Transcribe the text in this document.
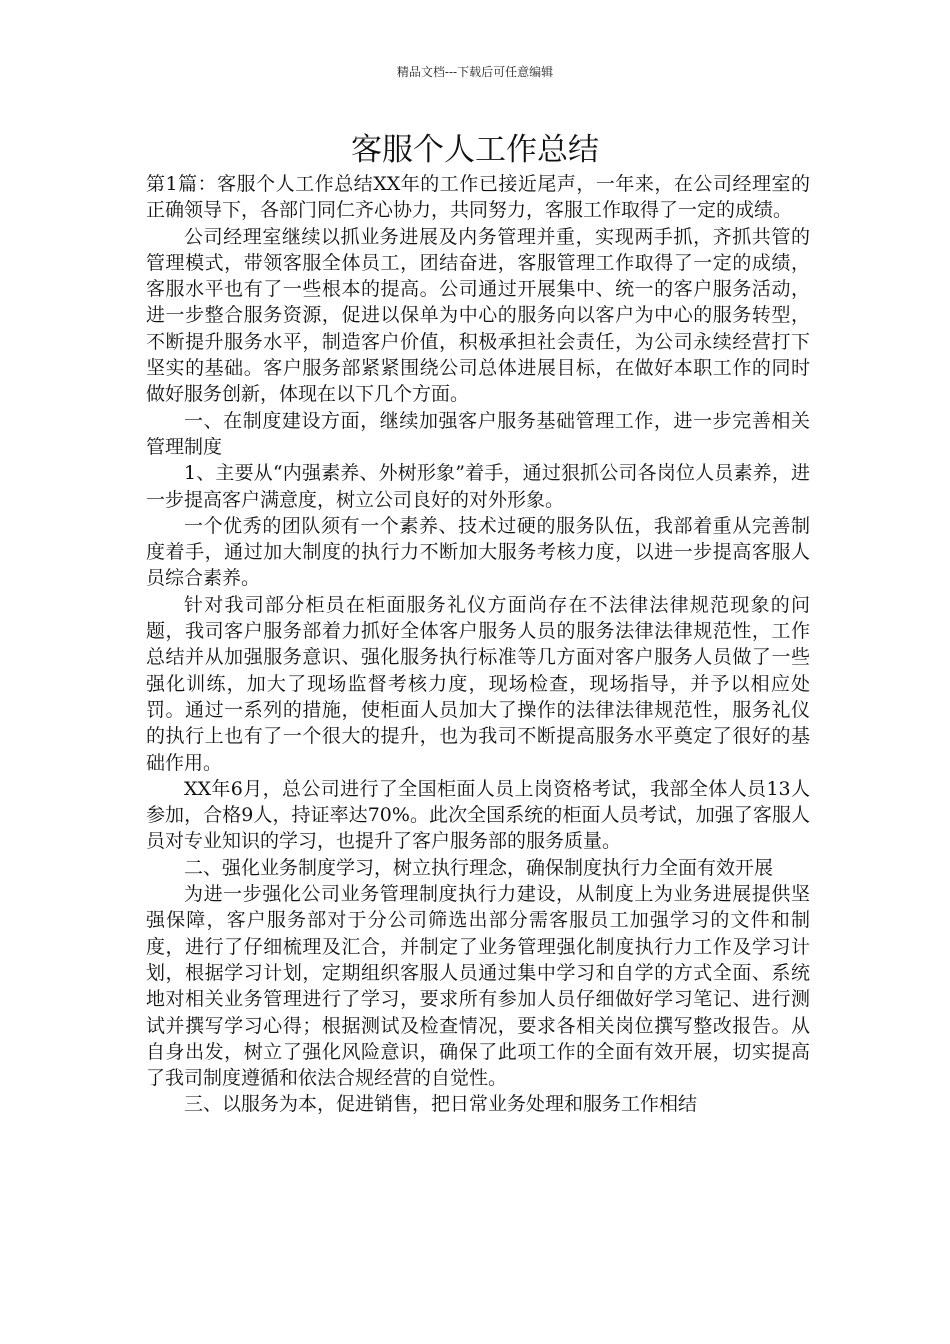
精品文档---下载后可任意编辑
客服个人工作总结

第1篇：客服个人工作总结XX年的工作已接近尾声，一年来，在公司经理室的正确领导下，各部门同仁齐心协力，共同努力，客服工作取得了一定的成绩。

公司经理室继续以抓业务进展及内务管理并重，实现两手抓，齐抓共管的管理模式，带领客服全体员工，团结奋进，客服管理工作取得了一定的成绩，客服水平也有了一些根本的提高。公司通过开展集中、统一的客户服务活动，进一步整合服务资源，促进以保单为中心的服务向以客户为中心的服务转型，不断提升服务水平，制造客户价值，积极承担社会责任，为公司永续经营打下坚实的基础。客户服务部紧紧围绕公司总体进展目标，在做好本职工作的同时做好服务创新，体现在以下几个方面。

一、在制度建设方面，继续加强客户服务基础管理工作，进一步完善相关管理制度

1、主要从“内强素养、外树形象”着手，通过狠抓公司各岗位人员素养，进一步提高客户满意度，树立公司良好的对外形象。

一个优秀的团队须有一个素养、技术过硬的服务队伍，我部着重从完善制度着手，通过加大制度的执行力不断加大服务考核力度，以进一步提高客服人员综合素养。

针对我司部分柜员在柜面服务礼仪方面尚存在不法律法律规范现象的问题，我司客户服务部着力抓好全体客户服务人员的服务法律法律规范性，工作总结并从加强服务意识、强化服务执行标准等几方面对客户服务人员做了一些强化训练，加大了现场监督考核力度，现场检查，现场指导，并予以相应处罚。通过一系列的措施，使柜面人员加大了操作的法律法律规范性，服务礼仪的执行上也有了一个很大的提升，也为我司不断提高服务水平奠定了很好的基础作用。

XX年6月，总公司进行了全国柜面人员上岗资格考试，我部全体人员13人参加，合格9人，持证率达70%。此次全国系统的柜面人员考试，加强了客服人员对专业知识的学习，也提升了客户服务部的服务质量。

二、强化业务制度学习，树立执行理念，确保制度执行力全面有效开展

为进一步强化公司业务管理制度执行力建设，从制度上为业务进展提供坚强保障，客户服务部对于分公司筛选出部分需客服员工加强学习的文件和制度，进行了仔细梳理及汇合，并制定了业务管理强化制度执行力工作及学习计划，根据学习计划，定期组织客服人员通过集中学习和自学的方式全面、系统地对相关业务管理进行了学习，要求所有参加人员仔细做好学习笔记、进行测试并撰写学习心得；根据测试及检查情况，要求各相关岗位撰写整改报告。从自身出发，树立了强化风险意识，确保了此项工作的全面有效开展，切实提高了我司制度遵循和依法合规经营的自觉性。

三、以服务为本，促进销售，把日常业务处理和服务工作相结
